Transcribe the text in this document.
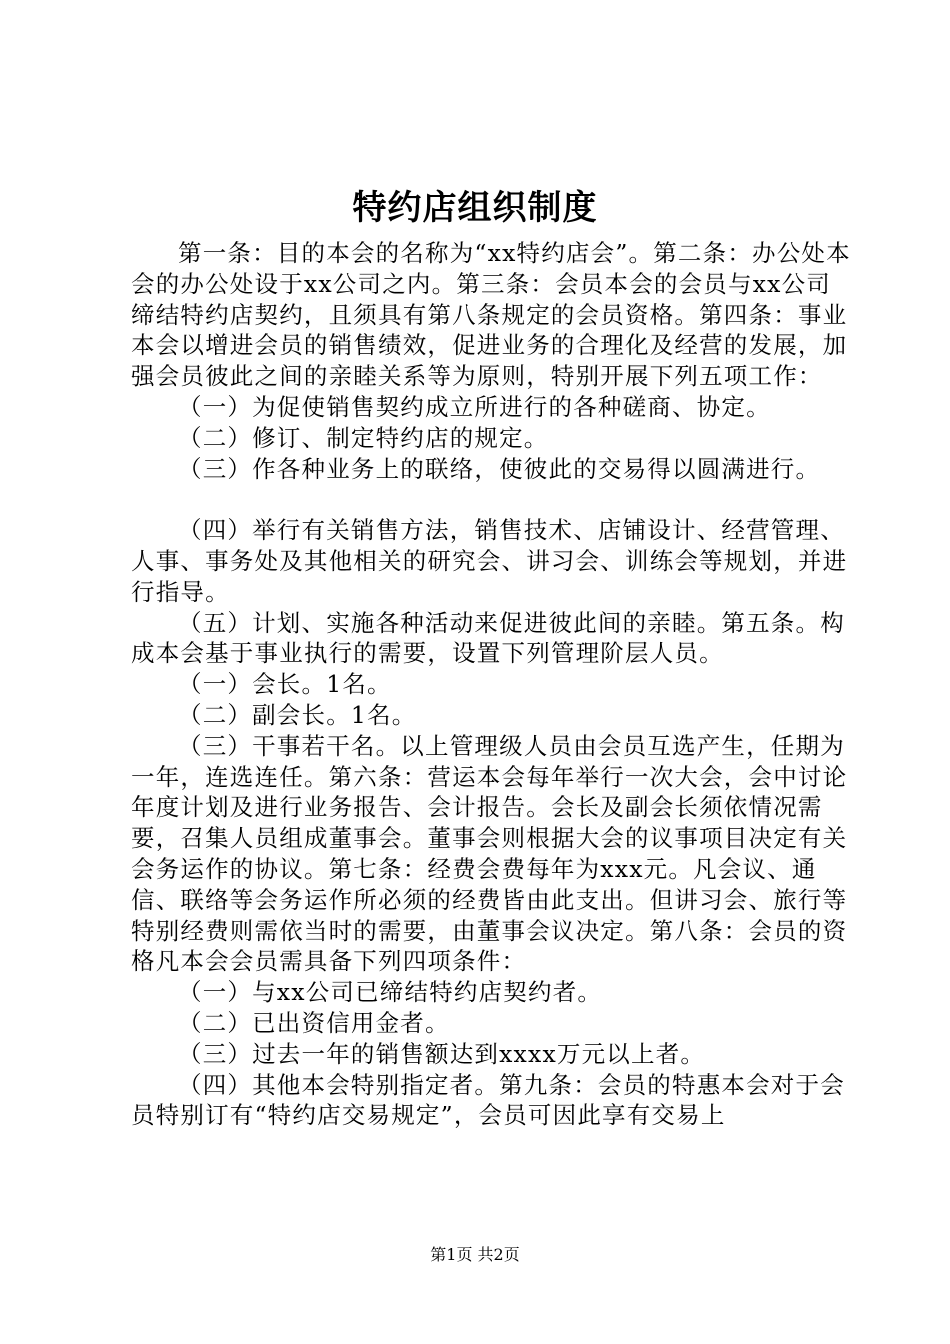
特约店组织制度

第一条：目的本会的名称为“xx特约店会”。第二条：办公处本会的办公处设于xx公司之内。第三条：会员本会的会员与xx公司缔结特约店契约，且须具有第八条规定的会员资格。第四条：事业本会以增进会员的销售绩效，促进业务的合理化及经营的发展，加强会员彼此之间的亲睦关系等为原则，特别开展下列五项工作：

（一）为促使销售契约成立所进行的各种磋商、协定。

（二）修订、制定特约店的规定。

（三）作各种业务上的联络，使彼此的交易得以圆满进行。

（四）举行有关销售方法，销售技术、店铺设计、经营管理、人事、事务处及其他相关的研究会、讲习会、训练会等规划，并进行指导。

（五）计划、实施各种活动来促进彼此间的亲睦。第五条。构成本会基于事业执行的需要，设置下列管理阶层人员。

（一）会长。1名。

（二）副会长。1名。

（三）干事若干名。以上管理级人员由会员互选产生，任期为一年，连选连任。第六条：营运本会每年举行一次大会，会中讨论年度计划及进行业务报告、会计报告。会长及副会长须依情况需要，召集人员组成董事会。董事会则根据大会的议事项目决定有关会务运作的协议。第七条：经费会费每年为xxx元。凡会议、通信、联络等会务运作所必须的经费皆由此支出。但讲习会、旅行等特别经费则需依当时的需要，由董事会议决定。第八条：会员的资格凡本会会员需具备下列四项条件：

（一）与xx公司已缔结特约店契约者。

（二）已出资信用金者。

（三）过去一年的销售额达到xxxx万元以上者。

（四）其他本会特别指定者。第九条：会员的特惠本会对于会员特别订有“特约店交易规定”，会员可因此享有交易上

第1页 共2页
